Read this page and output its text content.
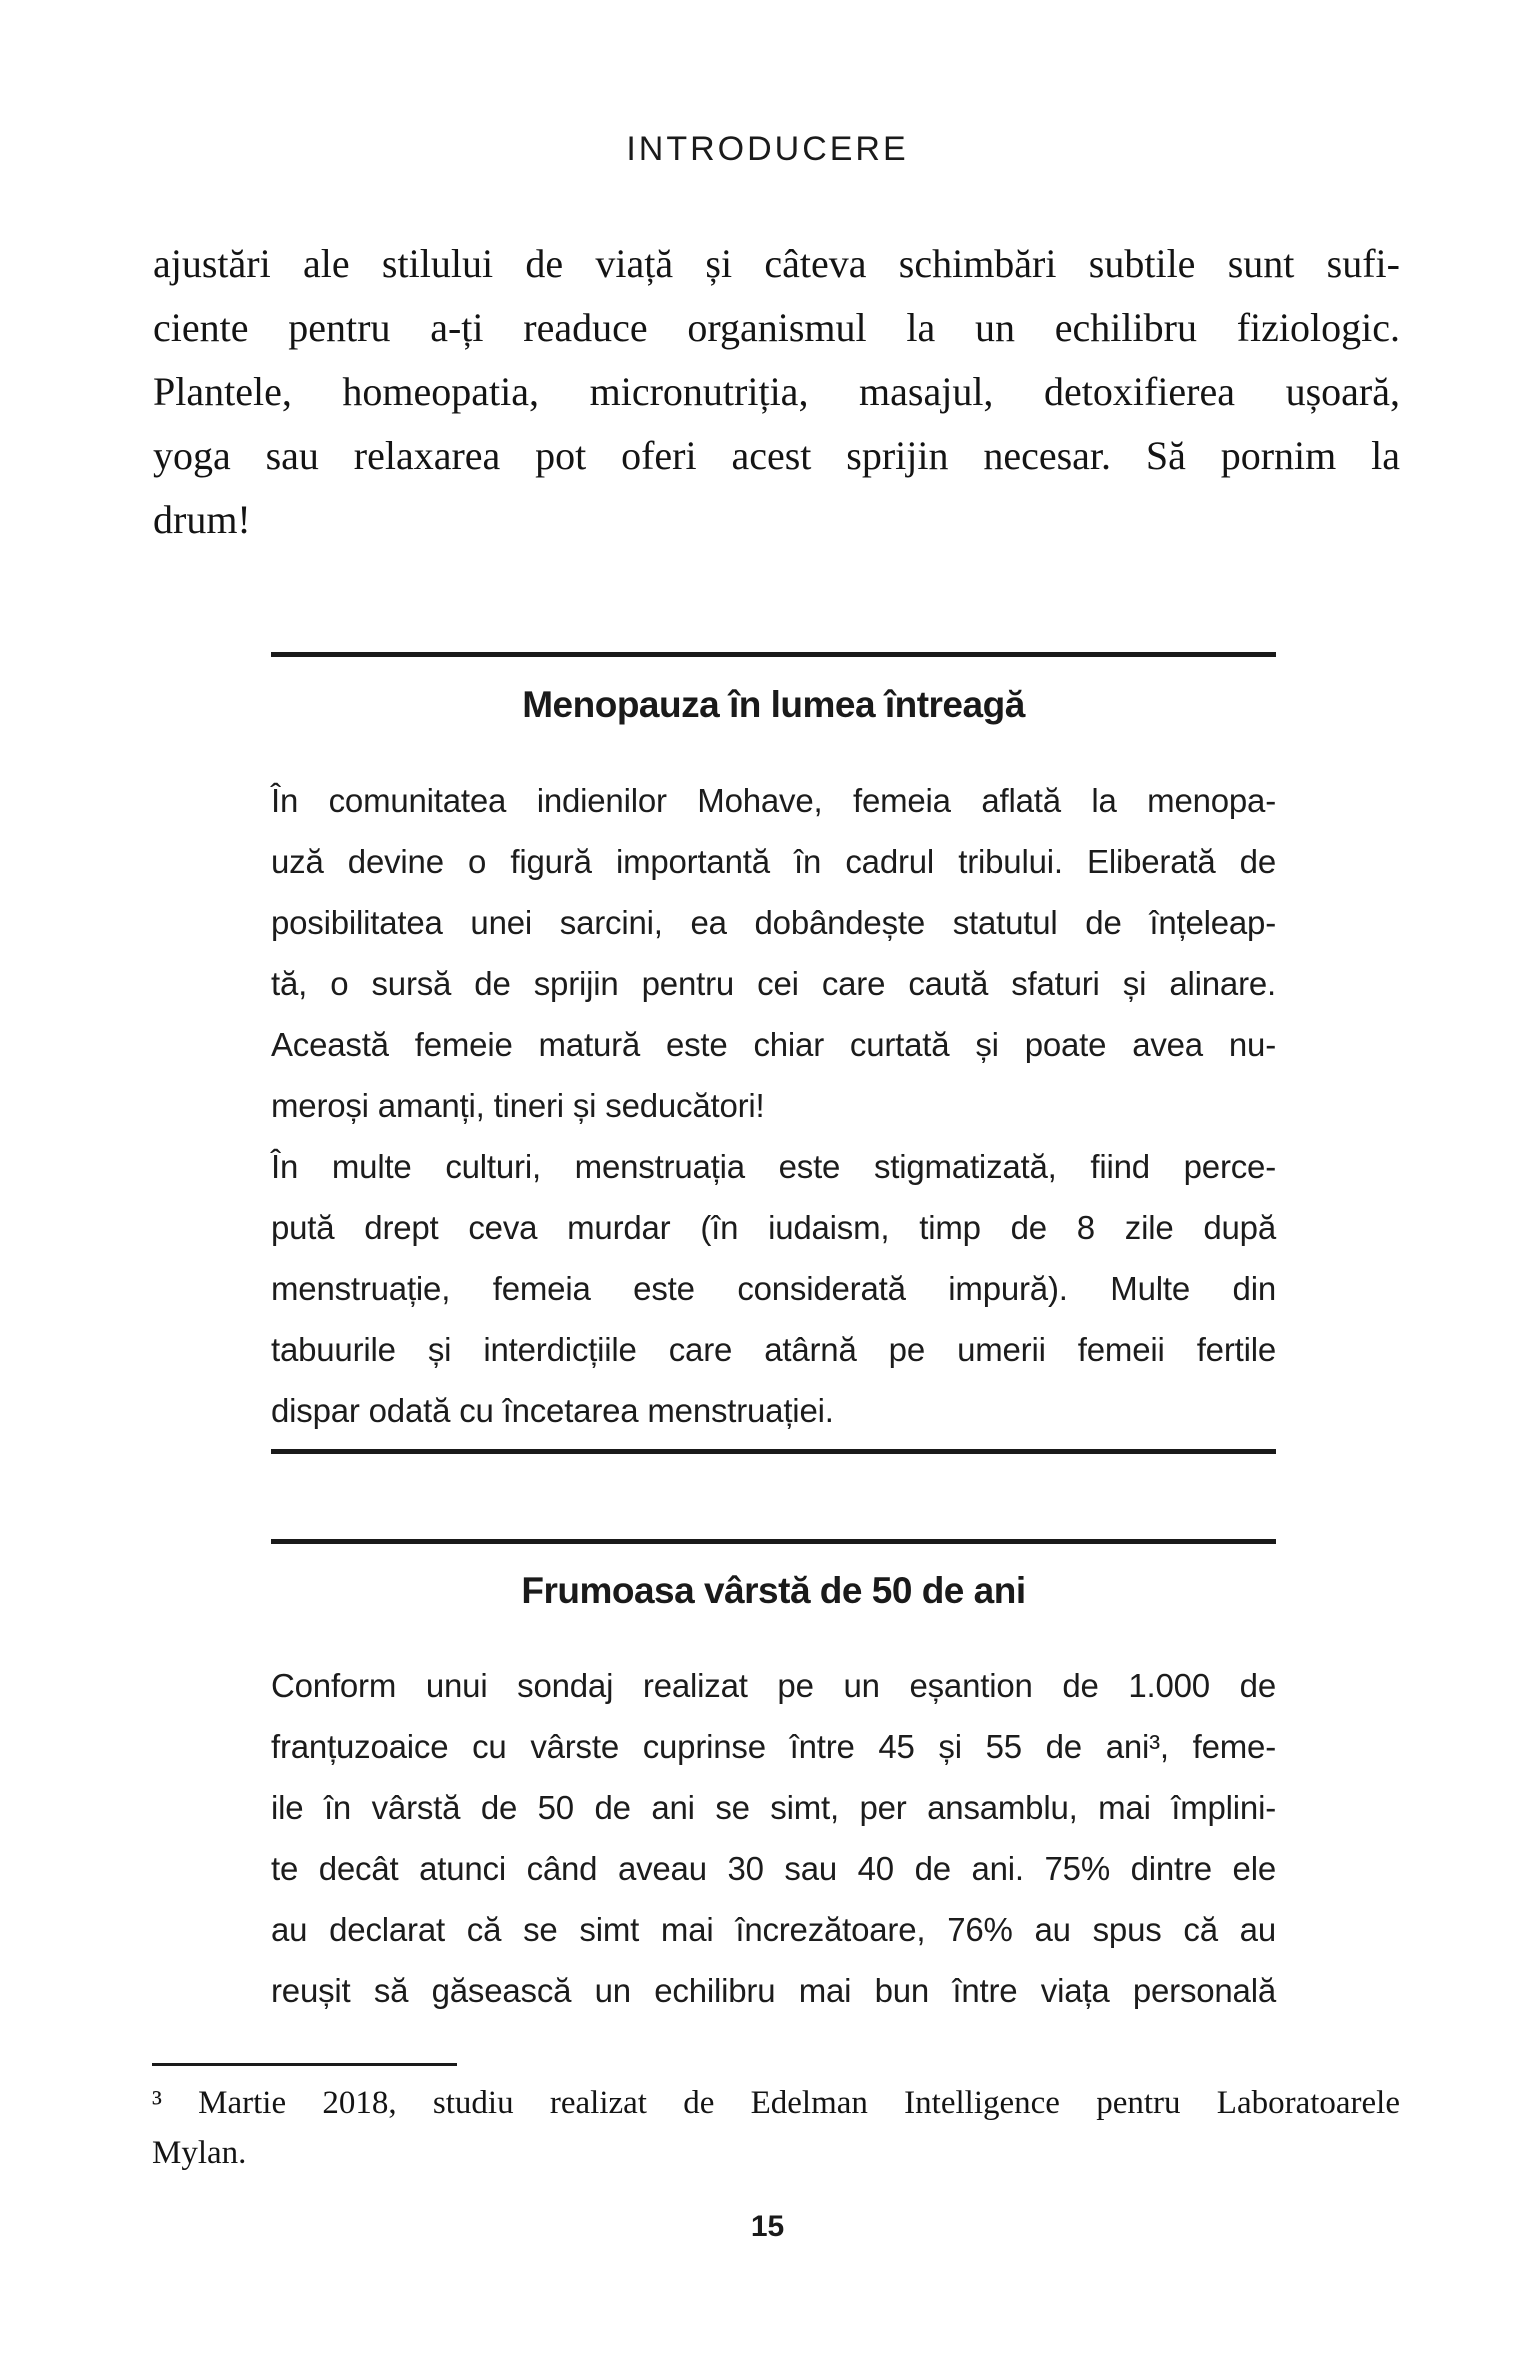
INTRODUCERE
ajustări ale stilului de viață și câteva schimbări subtile sunt sufi-
ciente pentru a-ți readuce organismul la un echilibru fiziologic.
Plantele, homeopatia, micronutriția, masajul, detoxifierea ușoară,
yoga sau relaxarea pot oferi acest sprijin necesar. Să pornim la
drum!
Menopauza în lumea întreagă
În comunitatea indienilor Mohave, femeia aflată la menopa-
uză devine o figură importantă în cadrul tribului. Eliberată de
posibilitatea unei sarcini, ea dobândește statutul de înțeleap-
tă, o sursă de sprijin pentru cei care caută sfaturi și alinare.
Această femeie matură este chiar curtată și poate avea nu-
meroși amanți, tineri și seducători!
În multe culturi, menstruația este stigmatizată, fiind perce-
pută drept ceva murdar (în iudaism, timp de 8 zile după
menstruație, femeia este considerată impură). Multe din
tabuurile și interdicțiile care atârnă pe umerii femeii fertile
dispar odată cu încetarea menstruației.
Frumoasa vârstă de 50 de ani
Conform unui sondaj realizat pe un eșantion de 1.000 de
franțuzoaice cu vârste cuprinse între 45 și 55 de ani³, feme-
ile în vârstă de 50 de ani se simt, per ansamblu, mai împlini-
te decât atunci când aveau 30 sau 40 de ani. 75% dintre ele
au declarat că se simt mai încrezătoare, 76% au spus că au
reușit să găsească un echilibru mai bun între viața personală
³ Martie 2018, studiu realizat de Edelman Intelligence pentru Laboratoarele
Mylan.
15
